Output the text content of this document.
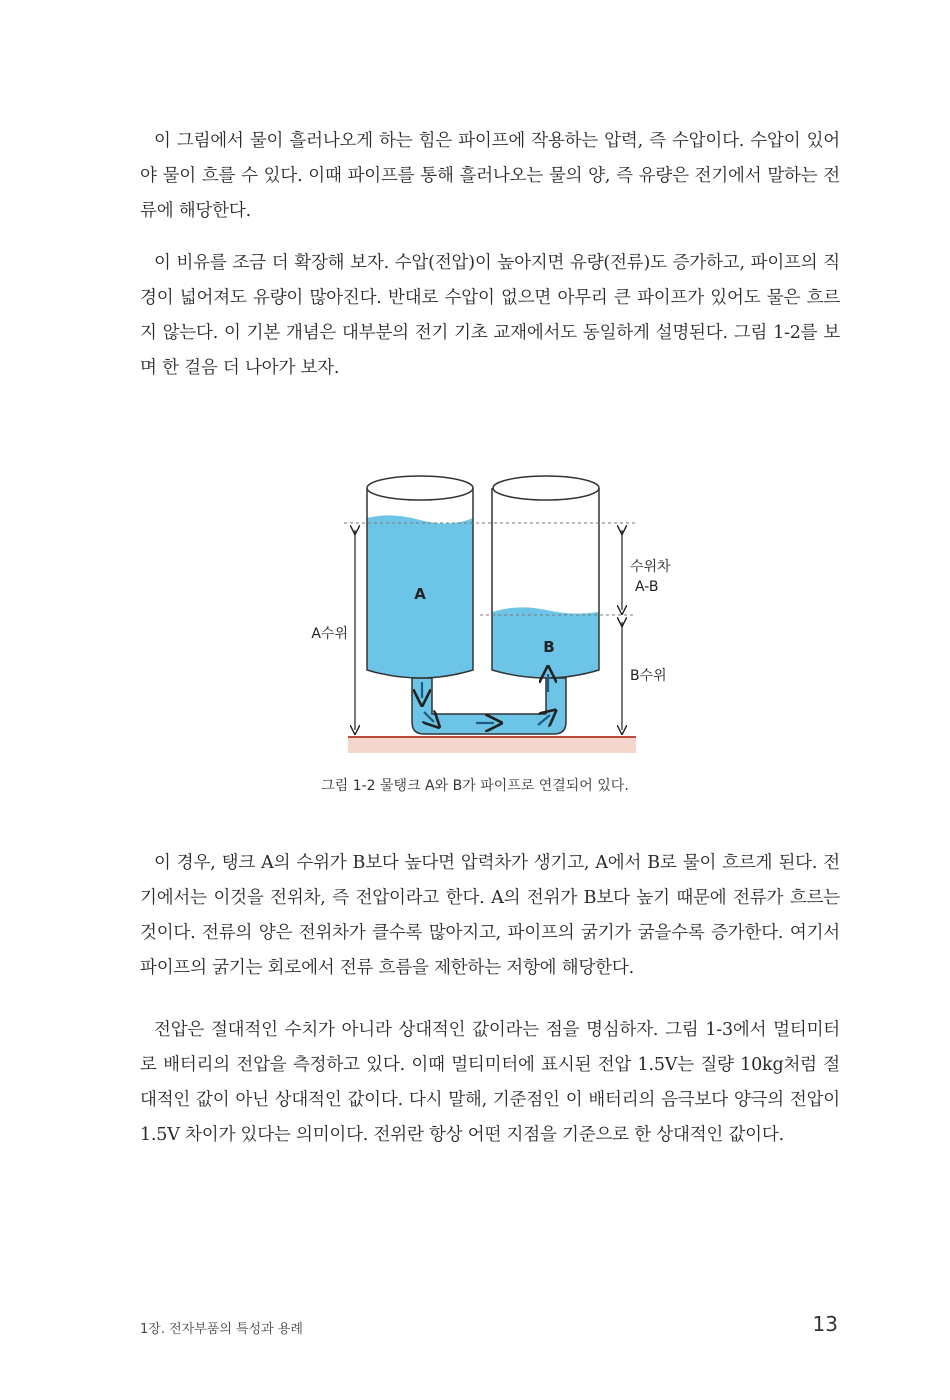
이 그림에서 물이 흘러나오게 하는 힘은 파이프에 작용하는 압력, 즉 수압이다. 수압이 있어야 물이 흐를 수 있다. 이때 파이프를 통해 흘러나오는 물의 양, 즉 유량은 전기에서 말하는 전류에 해당한다.

이 비유를 조금 더 확장해 보자. 수압(전압)이 높아지면 유량(전류)도 증가하고, 파이프의 직경이 넓어져도 유량이 많아진다. 반대로 수압이 없으면 아무리 큰 파이프가 있어도 물은 흐르지 않는다. 이 기본 개념은 대부분의 전기 기초 교재에서도 동일하게 설명된다. 그림 1-2를 보며 한 걸음 더 나아가 보자.

A
B
A수위
수위차
A-B
B수위
그림 1-2 물탱크 A와 B가 파이프로 연결되어 있다.

이 경우, 탱크 A의 수위가 B보다 높다면 압력차가 생기고, A에서 B로 물이 흐르게 된다. 전기에서는 이것을 전위차, 즉 전압이라고 한다. A의 전위가 B보다 높기 때문에 전류가 흐르는 것이다. 전류의 양은 전위차가 클수록 많아지고, 파이프의 굵기가 굵을수록 증가한다. 여기서 파이프의 굵기는 회로에서 전류 흐름을 제한하는 저항에 해당한다.

전압은 절대적인 수치가 아니라 상대적인 값이라는 점을 명심하자. 그림 1-3에서 멀티미터로 배터리의 전압을 측정하고 있다. 이때 멀티미터에 표시된 전압 1.5V는 질량 10kg처럼 절대적인 값이 아닌 상대적인 값이다. 다시 말해, 기준점인 이 배터리의 음극보다 양극의 전압이 1.5V 차이가 있다는 의미이다. 전위란 항상 어떤 지점을 기준으로 한 상대적인 값이다.

1장. 전자부품의 특성과 용례	13
